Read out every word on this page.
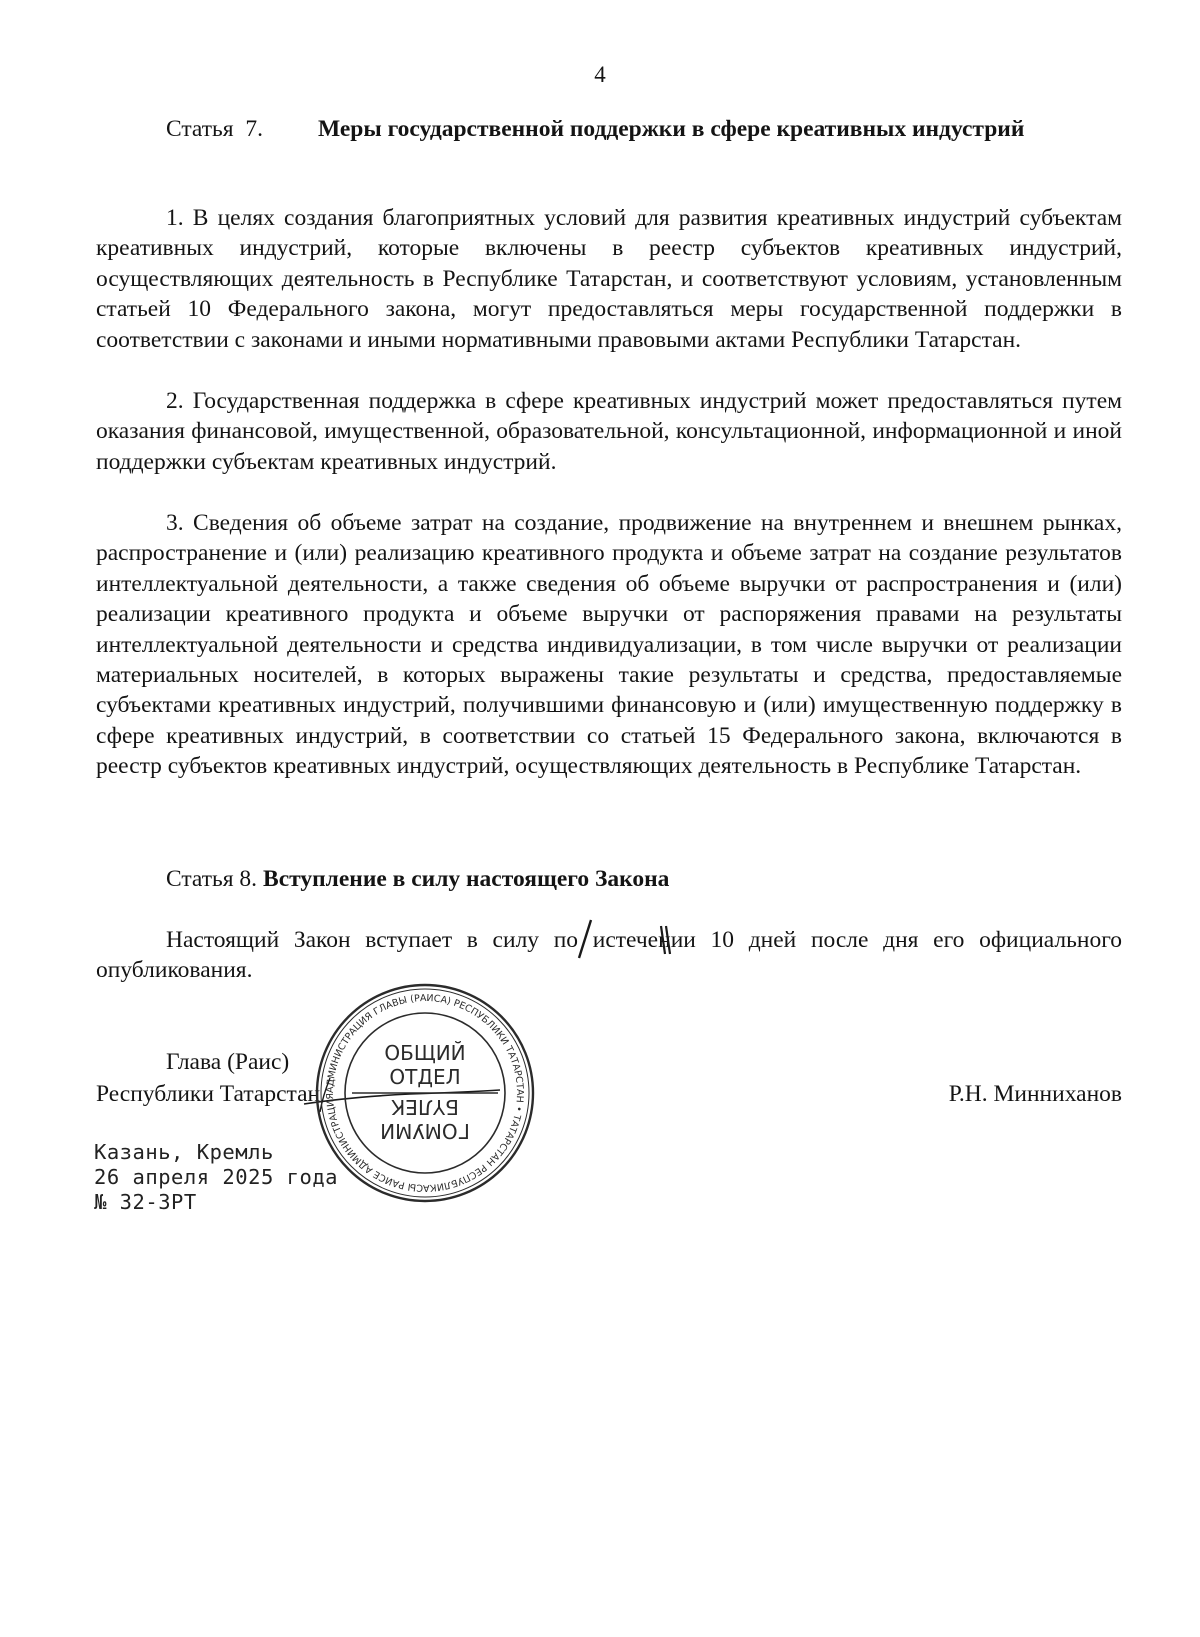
4
Статья 7.	Меры государственной поддержки в сфере креативных индустрий

1. В целях создания благоприятных условий для развития креативных индустрий субъектам креативных индустрий, которые включены в реестр субъектов креативных индустрий, осуществляющих деятельность в Республике Татарстан, и соответствуют условиям, установленным статьей 10 Федерального закона, могут предоставляться меры государственной поддержки в соответствии с законами и иными нормативными правовыми актами Республики Татарстан.

2. Государственная поддержка в сфере креативных индустрий может предоставляться путем оказания финансовой, имущественной, образовательной, консультационной, информационной и иной поддержки субъектам креативных индустрий.

3. Сведения об объеме затрат на создание, продвижение на внутреннем и внешнем рынках, распространение и (или) реализацию креативного продукта и объеме затрат на создание результатов интеллектуальной деятельности, а также сведения об объеме выручки от распространения и (или) реализации креативного продукта и объеме выручки от распоряжения правами на результаты интеллектуальной деятельности и средства индивидуализации, в том числе выручки от реализации материальных носителей, в которых выражены такие результаты и средства, предоставляемые субъектами креативных индустрий, получившими финансовую и (или) имущественную поддержку в сфере креативных индустрий, в соответствии со статьей 15 Федерального закона, включаются в реестр субъектов креативных индустрий, осуществляющих деятельность в Республике Татарстан.

Статья 8. Вступление в силу настоящего Закона

Настоящий Закон вступает в силу по истечении 10 дней после дня его официального опубликования.

Глава (Раис)
Республики Татарстан	Р.Н. Минниханов
АДМИНИСТРАЦИЯ ГЛАВЫ (РАИСА) РЕСПУБЛИКИ ТАТАРСТАН • ТАТАРСТАН РЕСПУБЛИКАСЫ РАИСЕ АДМИНИСТРАЦИЯ
ОБЩИЙ
ОТДЕЛ
ГОМУМИ
БҮЛЕК
Казань, Кремль
26 апреля 2025 года
№ 32-ЗРТ
